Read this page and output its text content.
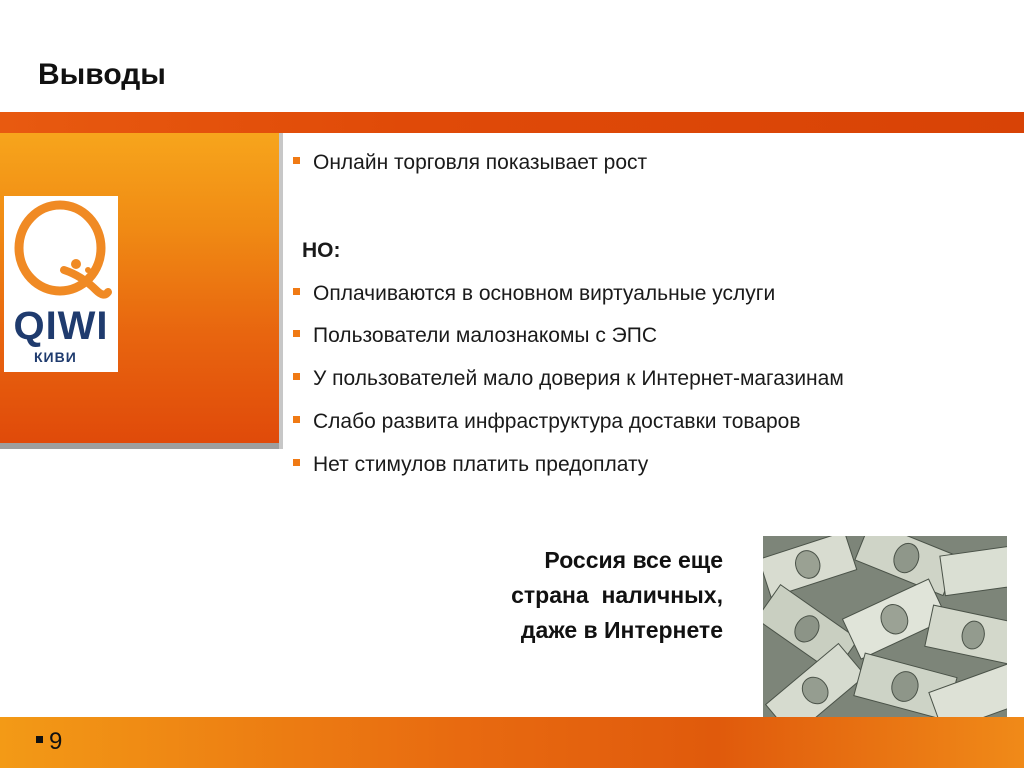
Выводы
QIWI
КИВИ
Онлайн торговля показывает рост
НО:
Оплачиваются в основном виртуальные услуги
Пользователи малознакомы с ЭПС
У пользователей мало доверия к Интернет-магазинам
Слабо развита инфраструктура доставки товаров
Нет стимулов платить предоплату
Россия все еще
страна  наличных,
даже в Интернете
9
